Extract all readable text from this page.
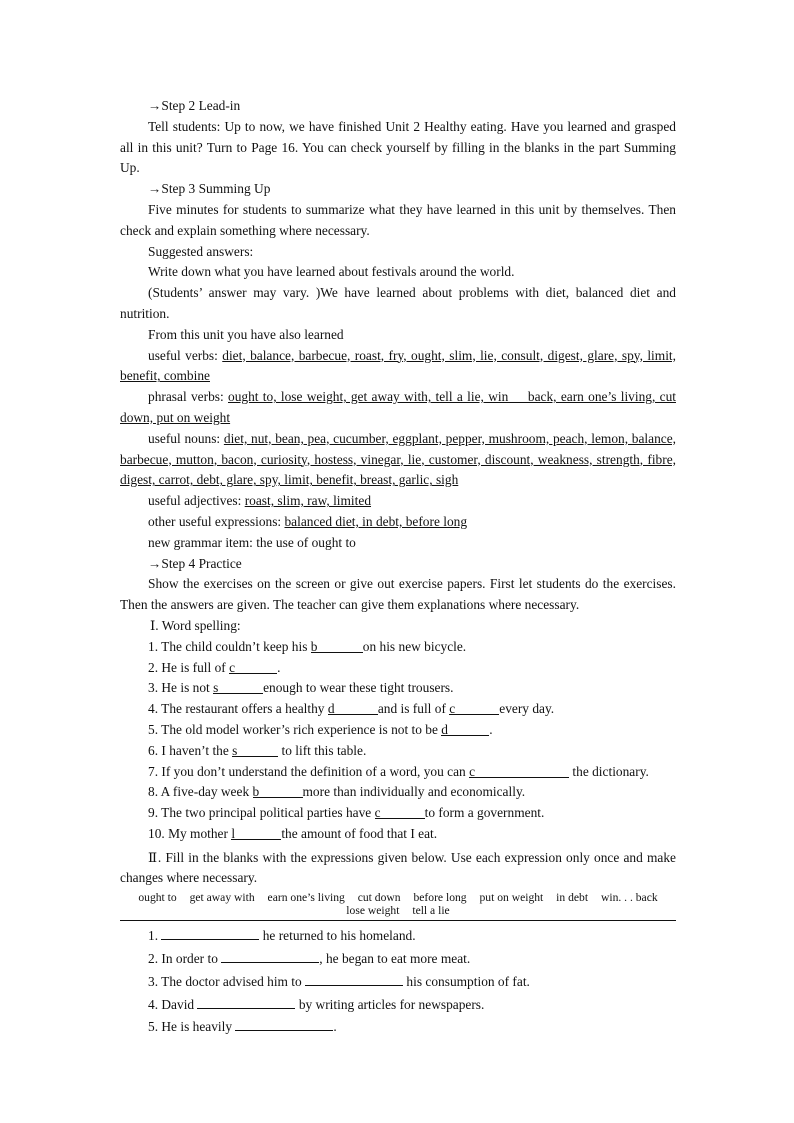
→Step 2 Lead-in

Tell students: Up to now, we have finished Unit 2 Healthy eating. Have you learned and grasped all in this unit? Turn to Page 16. You can check yourself by filling in the blanks in the part Summing Up.

→Step 3 Summing Up

Five minutes for students to summarize what they have learned in this unit by themselves. Then check and explain something where necessary.

Suggested answers:

Write down what you have learned about festivals around the world.

(Students’ answer may vary. )We have learned about problems with diet, balanced diet and nutrition.

From this unit you have also learned

useful verbs: diet, balance, barbecue, roast, fry, ought, slim, lie, consult, digest, glare, spy, limit, benefit, combine

phrasal verbs: ought to, lose weight, get away with, tell a lie, win　 back, earn one’s living, cut down, put on weight

useful nouns: diet, nut, bean, pea, cucumber, eggplant, pepper, mushroom, peach, lemon, balance, barbecue, mutton, bacon, curiosity, hostess, vinegar, lie, customer, discount, weakness, strength, fibre, digest, carrot, debt, glare, spy, limit, benefit, breast, garlic, sigh

useful adjectives: roast, slim, raw, limited

other useful expressions: balanced diet, in debt, before long

new grammar item: the use of ought to

→Step 4 Practice

Show the exercises on the screen or give out exercise papers. First let students do the exercises. Then the answers are given. The teacher can give them explanations where necessary.

Ⅰ. Word spelling:

1. The child couldn’t keep his b	on his new bicycle.

2. He is full of c	.

3. He is not s	enough to wear these tight trousers.

4. The restaurant offers a healthy d	and is full of c	every day.

5. The old model worker’s rich experience is not to be d	.

6. I haven’t the s	to lift this table.

7. If you don’t understand the definition of a word, you can c	the dictionary.

8. A five-day week b	more than individually and economically.

9. The two principal political parties have c	to form a government.

10. My mother l	the amount of food that I eat.

Ⅱ. Fill in the blanks with the expressions given below. Use each expression only once and make changes where necessary.

ought to get away with earn one’s living cut down before long put on weight in debt win. . . back
lose weight tell a lie

1.	he returned to his homeland.

2. In order to	, he began to eat more meat.

3. The doctor advised him to	his consumption of fat.

4. David	by writing articles for newspapers.

5. He is heavily	.
